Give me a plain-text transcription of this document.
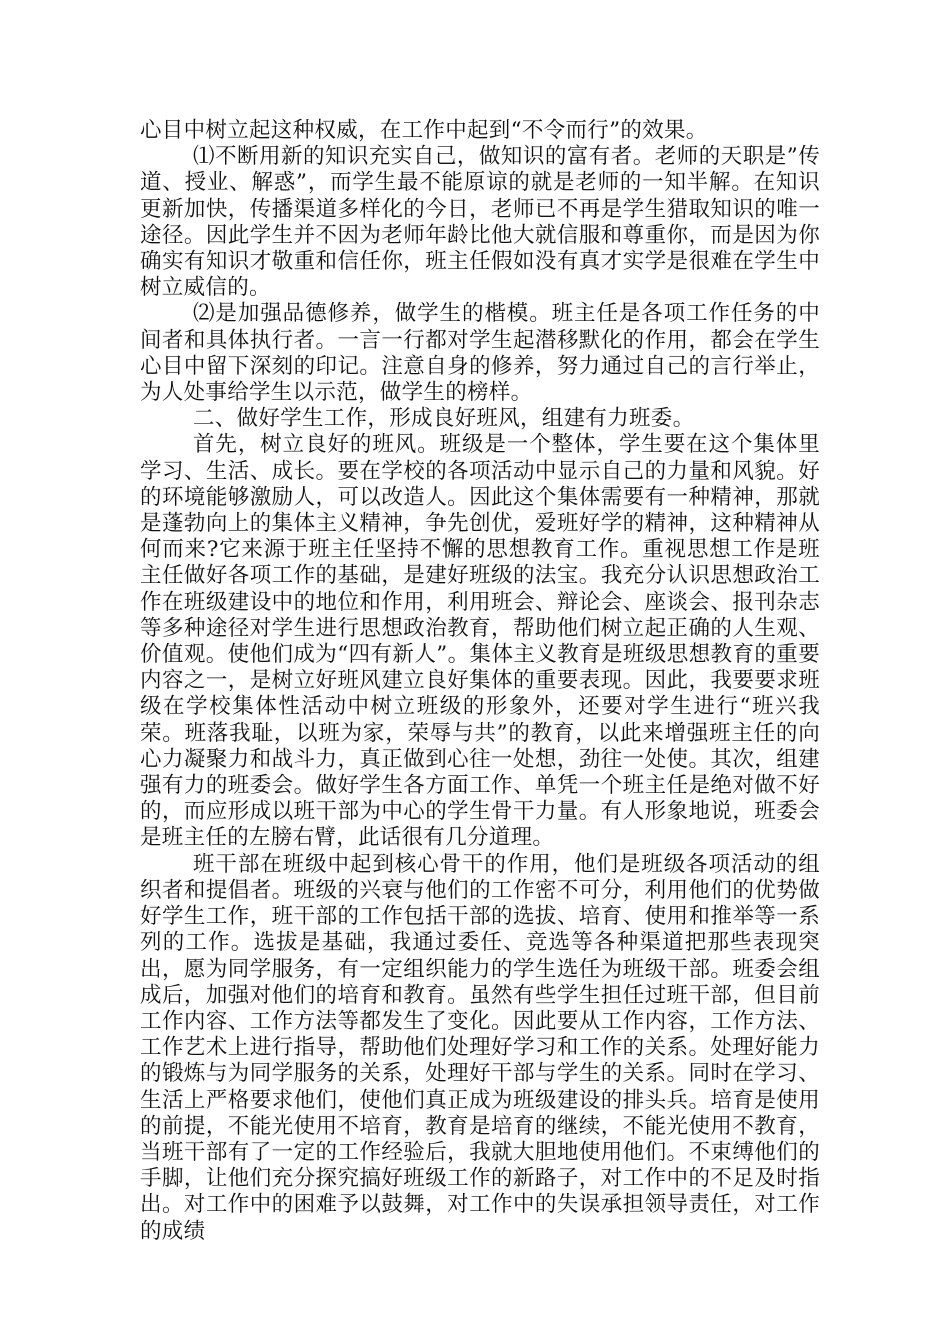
心目中树立起这种权威，在工作中起到“不令而行”的效果。

⑴不断用新的知识充实自己，做知识的富有者。老师的天职是”传道、授业、解惑”，而学生最不能原谅的就是老师的一知半解。在知识更新加快，传播渠道多样化的今日，老师已不再是学生猎取知识的唯一途径。因此学生并不因为老师年龄比他大就信服和尊重你，而是因为你确实有知识才敬重和信任你，班主任假如没有真才实学是很难在学生中树立威信的。

⑵是加强品德修养，做学生的楷模。班主任是各项工作任务的中间者和具体执行者。一言一行都对学生起潜移默化的作用，都会在学生心目中留下深刻的印记。注意自身的修养，努力通过自己的言行举止，为人处事给学生以示范，做学生的榜样。

二、做好学生工作，形成良好班风，组建有力班委。

首先，树立良好的班风。班级是一个整体，学生要在这个集体里学习、生活、成长。要在学校的各项活动中显示自己的力量和风貌。好的环境能够激励人，可以改造人。因此这个集体需要有一种精神，那就是蓬勃向上的集体主义精神，争先创优，爱班好学的精神，这种精神从何而来?它来源于班主任坚持不懈的思想教育工作。重视思想工作是班主任做好各项工作的基础，是建好班级的法宝。我充分认识思想政治工作在班级建设中的地位和作用，利用班会、辩论会、座谈会、报刊杂志等多种途径对学生进行思想政治教育，帮助他们树立起正确的人生观、价值观。使他们成为“四有新人”。集体主义教育是班级思想教育的重要内容之一，是树立好班风建立良好集体的重要表现。因此，我要要求班级在学校集体性活动中树立班级的形象外，还要对学生进行“班兴我荣。班落我耻，以班为家，荣辱与共”的教育，以此来增强班主任的向心力凝聚力和战斗力，真正做到心往一处想，劲往一处使。其次，组建强有力的班委会。做好学生各方面工作、单凭一个班主任是绝对做不好的，而应形成以班干部为中心的学生骨干力量。有人形象地说，班委会是班主任的左膀右臂，此话很有几分道理。

班干部在班级中起到核心骨干的作用，他们是班级各项活动的组织者和提倡者。班级的兴衰与他们的工作密不可分，利用他们的优势做好学生工作，班干部的工作包括干部的选拔、培育、使用和推举等一系列的工作。选拔是基础，我通过委任、竞选等各种渠道把那些表现突出，愿为同学服务，有一定组织能力的学生选任为班级干部。班委会组成后，加强对他们的培育和教育。虽然有些学生担任过班干部，但目前工作内容、工作方法等都发生了变化。因此要从工作内容，工作方法、工作艺术上进行指导，帮助他们处理好学习和工作的关系。处理好能力的锻炼与为同学服务的关系，处理好干部与学生的关系。同时在学习、生活上严格要求他们，使他们真正成为班级建设的排头兵。培育是使用的前提，不能光使用不培育，教育是培育的继续，不能光使用不教育，当班干部有了一定的工作经验后，我就大胆地使用他们。不束缚他们的手脚，让他们充分探究搞好班级工作的新路子，对工作中的不足及时指出。对工作中的困难予以鼓舞，对工作中的失误承担领导责任，对工作的成绩
